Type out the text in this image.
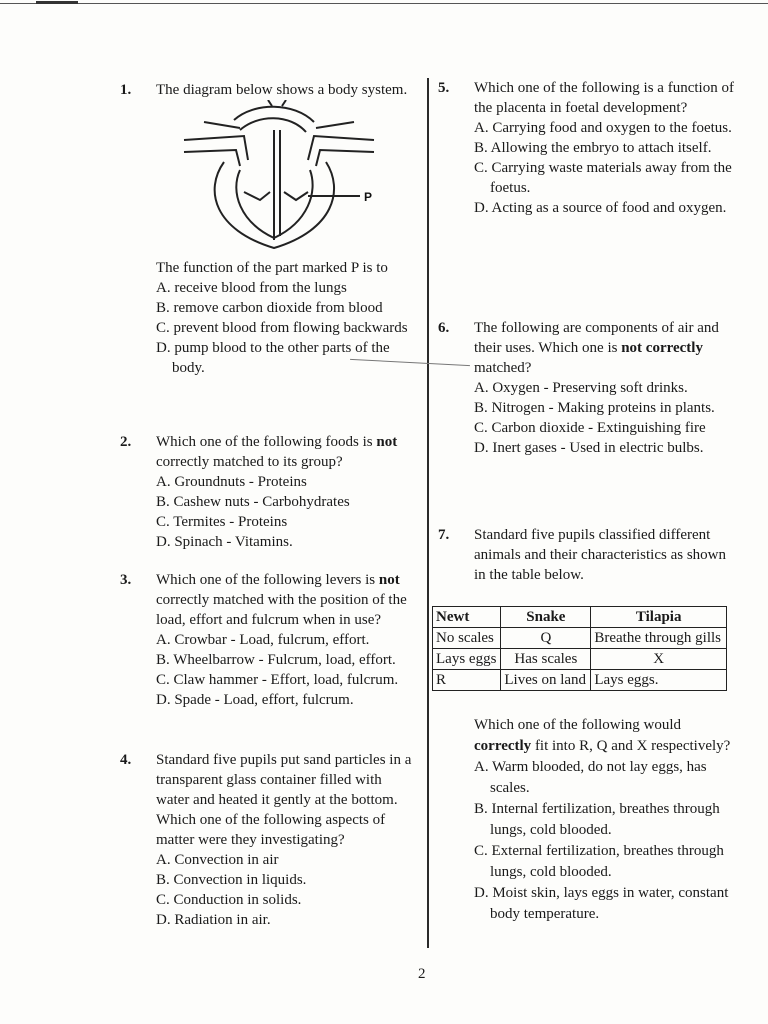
1. The diagram below shows a body system.

P

The function of the part marked P is to

A. receive blood from the lungs

B. remove carbon dioxide from blood

C. prevent blood from flowing backwards

D. pump blood to the other parts of the body.

2. Which one of the following foods is not correctly matched to its group?

A. Groundnuts - Proteins

B. Cashew nuts - Carbohydrates

C. Termites - Proteins

D. Spinach - Vitamins.

3. Which one of the following levers is not correctly matched with the position of the load, effort and fulcrum when in use?

A. Crowbar - Load, fulcrum, effort.

B. Wheelbarrow - Fulcrum, load, effort.

C. Claw hammer - Effort, load, fulcrum.

D. Spade - Load, effort, fulcrum.

4. Standard five pupils put sand particles in a transparent glass container filled with water and heated it gently at the bottom. Which one of the following aspects of matter were they investigating?

A. Convection in air

B. Convection in liquids.

C. Conduction in solids.

D. Radiation in air.

5. Which one of the following is a function of the placenta in foetal development?

A. Carrying food and oxygen to the foetus.

B. Allowing the embryo to attach itself.

C. Carrying waste materials away from the foetus.

D. Acting as a source of food and oxygen.

6. The following are components of air and their uses. Which one is not correctly matched?

A. Oxygen - Preserving soft drinks.

B. Nitrogen - Making proteins in plants.

C. Carbon dioxide - Extinguishing fire

D. Inert gases - Used in electric bulbs.

7. Standard five pupils classified different animals and their characteristics as shown in the table below.

Newt	Snake	Tilapia
No scales	Q	Breathe through gills
Lays eggs	Has scales	X
R	Lives on land	Lays eggs.

Which one of the following would correctly fit into R, Q and X respectively?

A. Warm blooded, do not lay eggs, has scales.

B. Internal fertilization, breathes through lungs, cold blooded.

C. External fertilization, breathes through lungs, cold blooded.

D. Moist skin, lays eggs in water, constant body temperature.

2
